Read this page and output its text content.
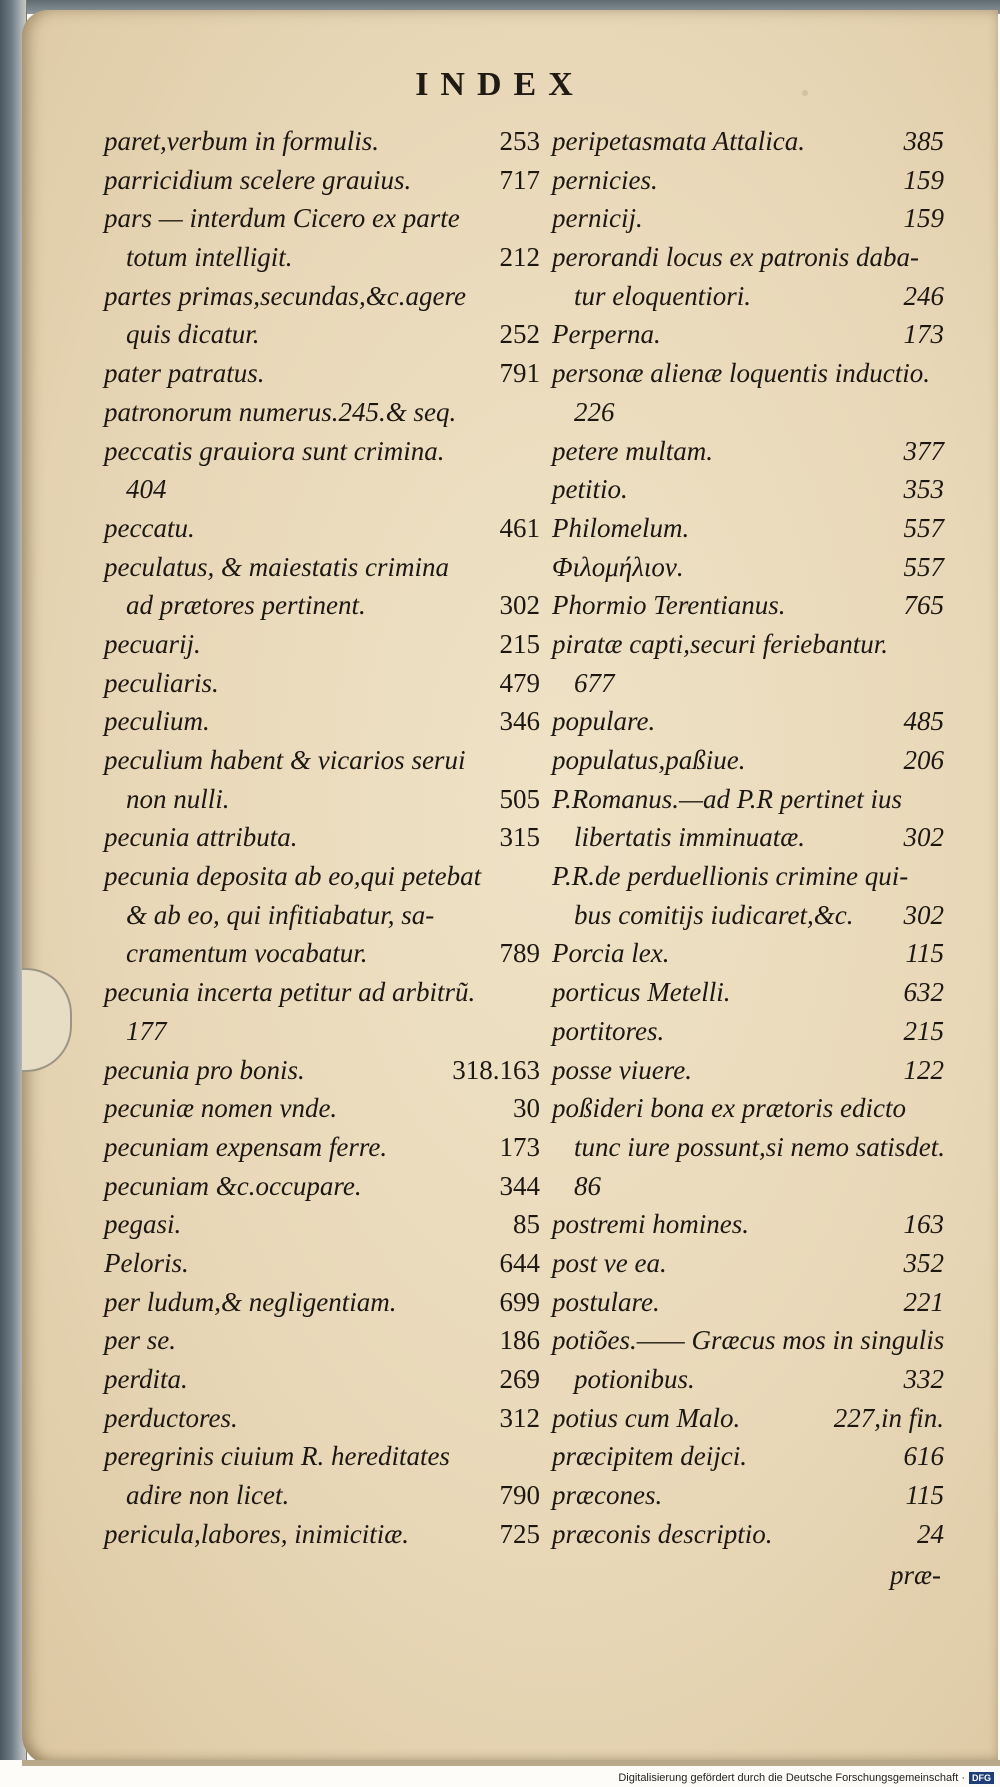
INDEX
paret,verbum in formulis.	253
parricidium scelere grauius.	717
pars — interdum Cicero ex parte
totum intelligit.	212
partes primas,secundas,&c.agere
quis dicatur.	252
pater patratus.	791
patronorum numerus.245.& seq.
peccatis grauiora sunt crimina.
404
peccatu.	461
peculatus, & maiestatis crimina
ad prætores pertinent.	302
pecuarij.	215
peculiaris.	479
peculium.	346
peculium habent & vicarios serui
non nulli.	505
pecunia attributa.	315
pecunia deposita ab eo,qui petebat
& ab eo, qui infitiabatur, sa-
cramentum vocabatur.	789
pecunia incerta petitur ad arbitrũ.
177
pecunia pro bonis.	318.163
pecuniæ nomen vnde.	30
pecuniam expensam ferre.	173
pecuniam &c.occupare.	344
pegasi.	85
Peloris.	644
per ludum,& negligentiam.	699
per se.	186
perdita.	269
perductores.	312
peregrinis ciuium R. hereditates
adire non licet.	790
pericula,labores, inimicitiæ.	725
peripetasmata Attalica.	385
pernicies.	159
pernicij.	159
perorandi locus ex patronis daba-
tur eloquentiori.	246
Perperna.	173
personæ alienæ loquentis inductio.
226
petere multam.	377
petitio.	353
Philomelum.	557
Φιλομήλιον.	557
Phormio Terentianus.	765
piratæ capti,securi feriebantur.
677
populare.	485
populatus,paßiue.	206
P.Romanus.—ad P.R pertinet ius
libertatis imminuatæ.	302
P.R.de perduellionis crimine qui-
bus comitijs iudicaret,&c. 302
Porcia lex.	115
porticus Metelli.	632
portitores.	215
posse viuere.	122
poßideri bona ex prætoris edicto
tunc iure possunt,si nemo satisdet.
86
postremi homines.	163
post ve ea.	352
postulare.	221
potiões.—— Græcus mos in singulis
potionibus.	332
potius cum Malo.	227,in fin.
præcipitem deijci.	616
præcones.	115
præconis descriptio.	24
præ-
Digitalisierung gefördert durch die Deutsche Forschungsgemeinschaft · DFG
